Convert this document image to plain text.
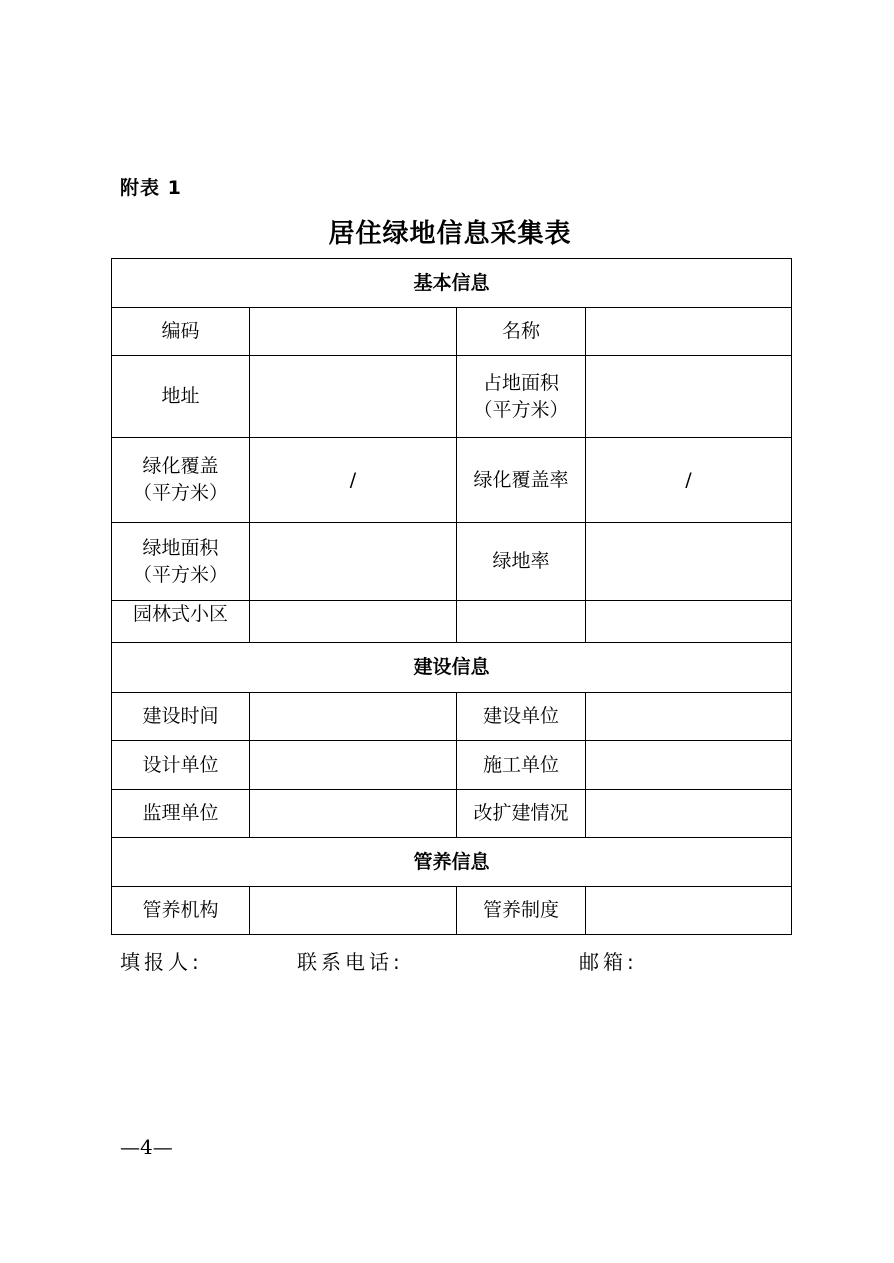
附表 1
居住绿地信息采集表
基本信息			
编码		名称	
地址		占地面积
（平方米）	

绿化覆盖
（平方米）	/	绿化覆盖率	/

绿地面积
（平方米）		绿地率	
园林式小区			
建设信息			
建设时间		建设单位	
设计单位		施工单位	
监理单位		改扩建情况	
管养信息			
管养机构		管养制度	
填报人:	联系电话:	邮箱:
—4—
